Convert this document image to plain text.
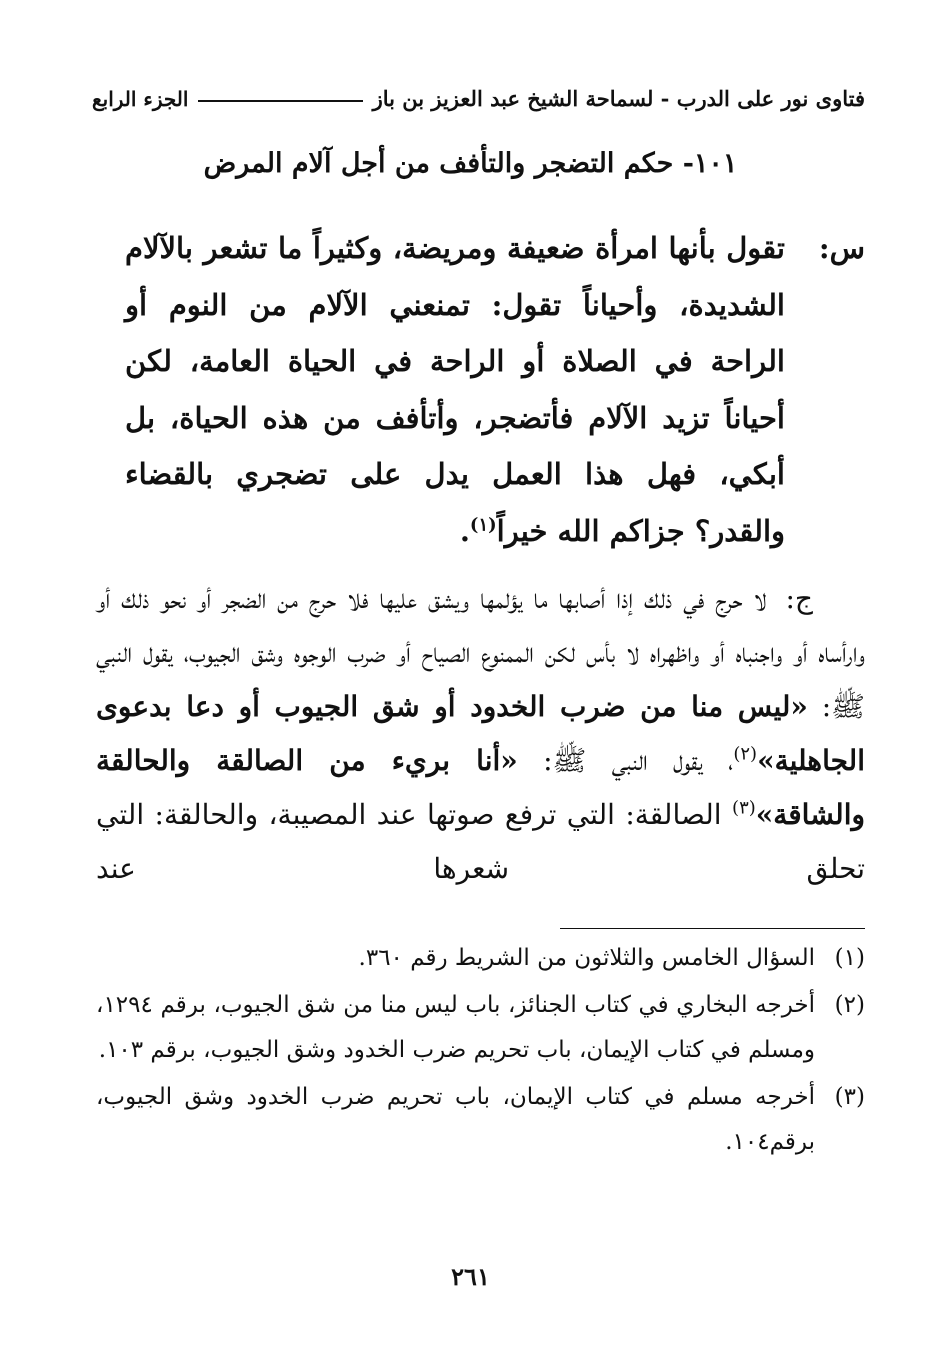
فتاوى نور على الدرب - لسماحة الشيخ عبد العزيز بن باز
الجزء الرابع
١٠١- حكم التضجر والتأفف من أجل آلام المرض
س:
تقول بأنها امرأة ضعيفة ومريضة، وكثيراً ما تشعر بالآلام الشديدة، وأحياناً تقول: تمنعني الآلام من النوم أو الراحة في الصلاة أو الراحة في الحياة العامة، لكن أحياناً تزيد الآلام فأتضجر، وأتأفف من هذه الحياة، بل أبكي، فهل هذا العمل يدل على تضجري بالقضاء والقدر؟ جزاكم الله خيراً$^{(١)}$.
ج: لا حرج في ذلك إذا أصابها ما يؤلمها ويشق عليها فلا حرج من الضجر أو نحو ذلك أو وارأساه أو واجنباه أو واظهراه لا بأس لكن الممنوع الصياح أو ضرب الوجوه وشق الجيوب، يقول النبي ﷺ: «ليس منا من ضرب الخدود أو شق الجيوب أو دعا بدعوى الجاهلية»$^{(٢)}$، يقول النبي ﷺ: «أنا بريء من الصالقة والحالقة والشاقة»$^{(٣)}$ الصالقة: التي ترفع صوتها عند المصيبة، والحالقة: التي تحلق شعرها عند
(١)
السؤال الخامس والثلاثون من الشريط رقم ٣٦٠.
(٢)
أخرجه البخاري في كتاب الجنائز، باب ليس منا من شق الجيوب، برقم ١٢٩٤، ومسلم في كتاب الإيمان، باب تحريم ضرب الخدود وشق الجيوب، برقم ١٠٣.
(٣)
أخرجه مسلم في كتاب الإيمان، باب تحريم ضرب الخدود وشق الجيوب، برقم١٠٤.
٢٦١
